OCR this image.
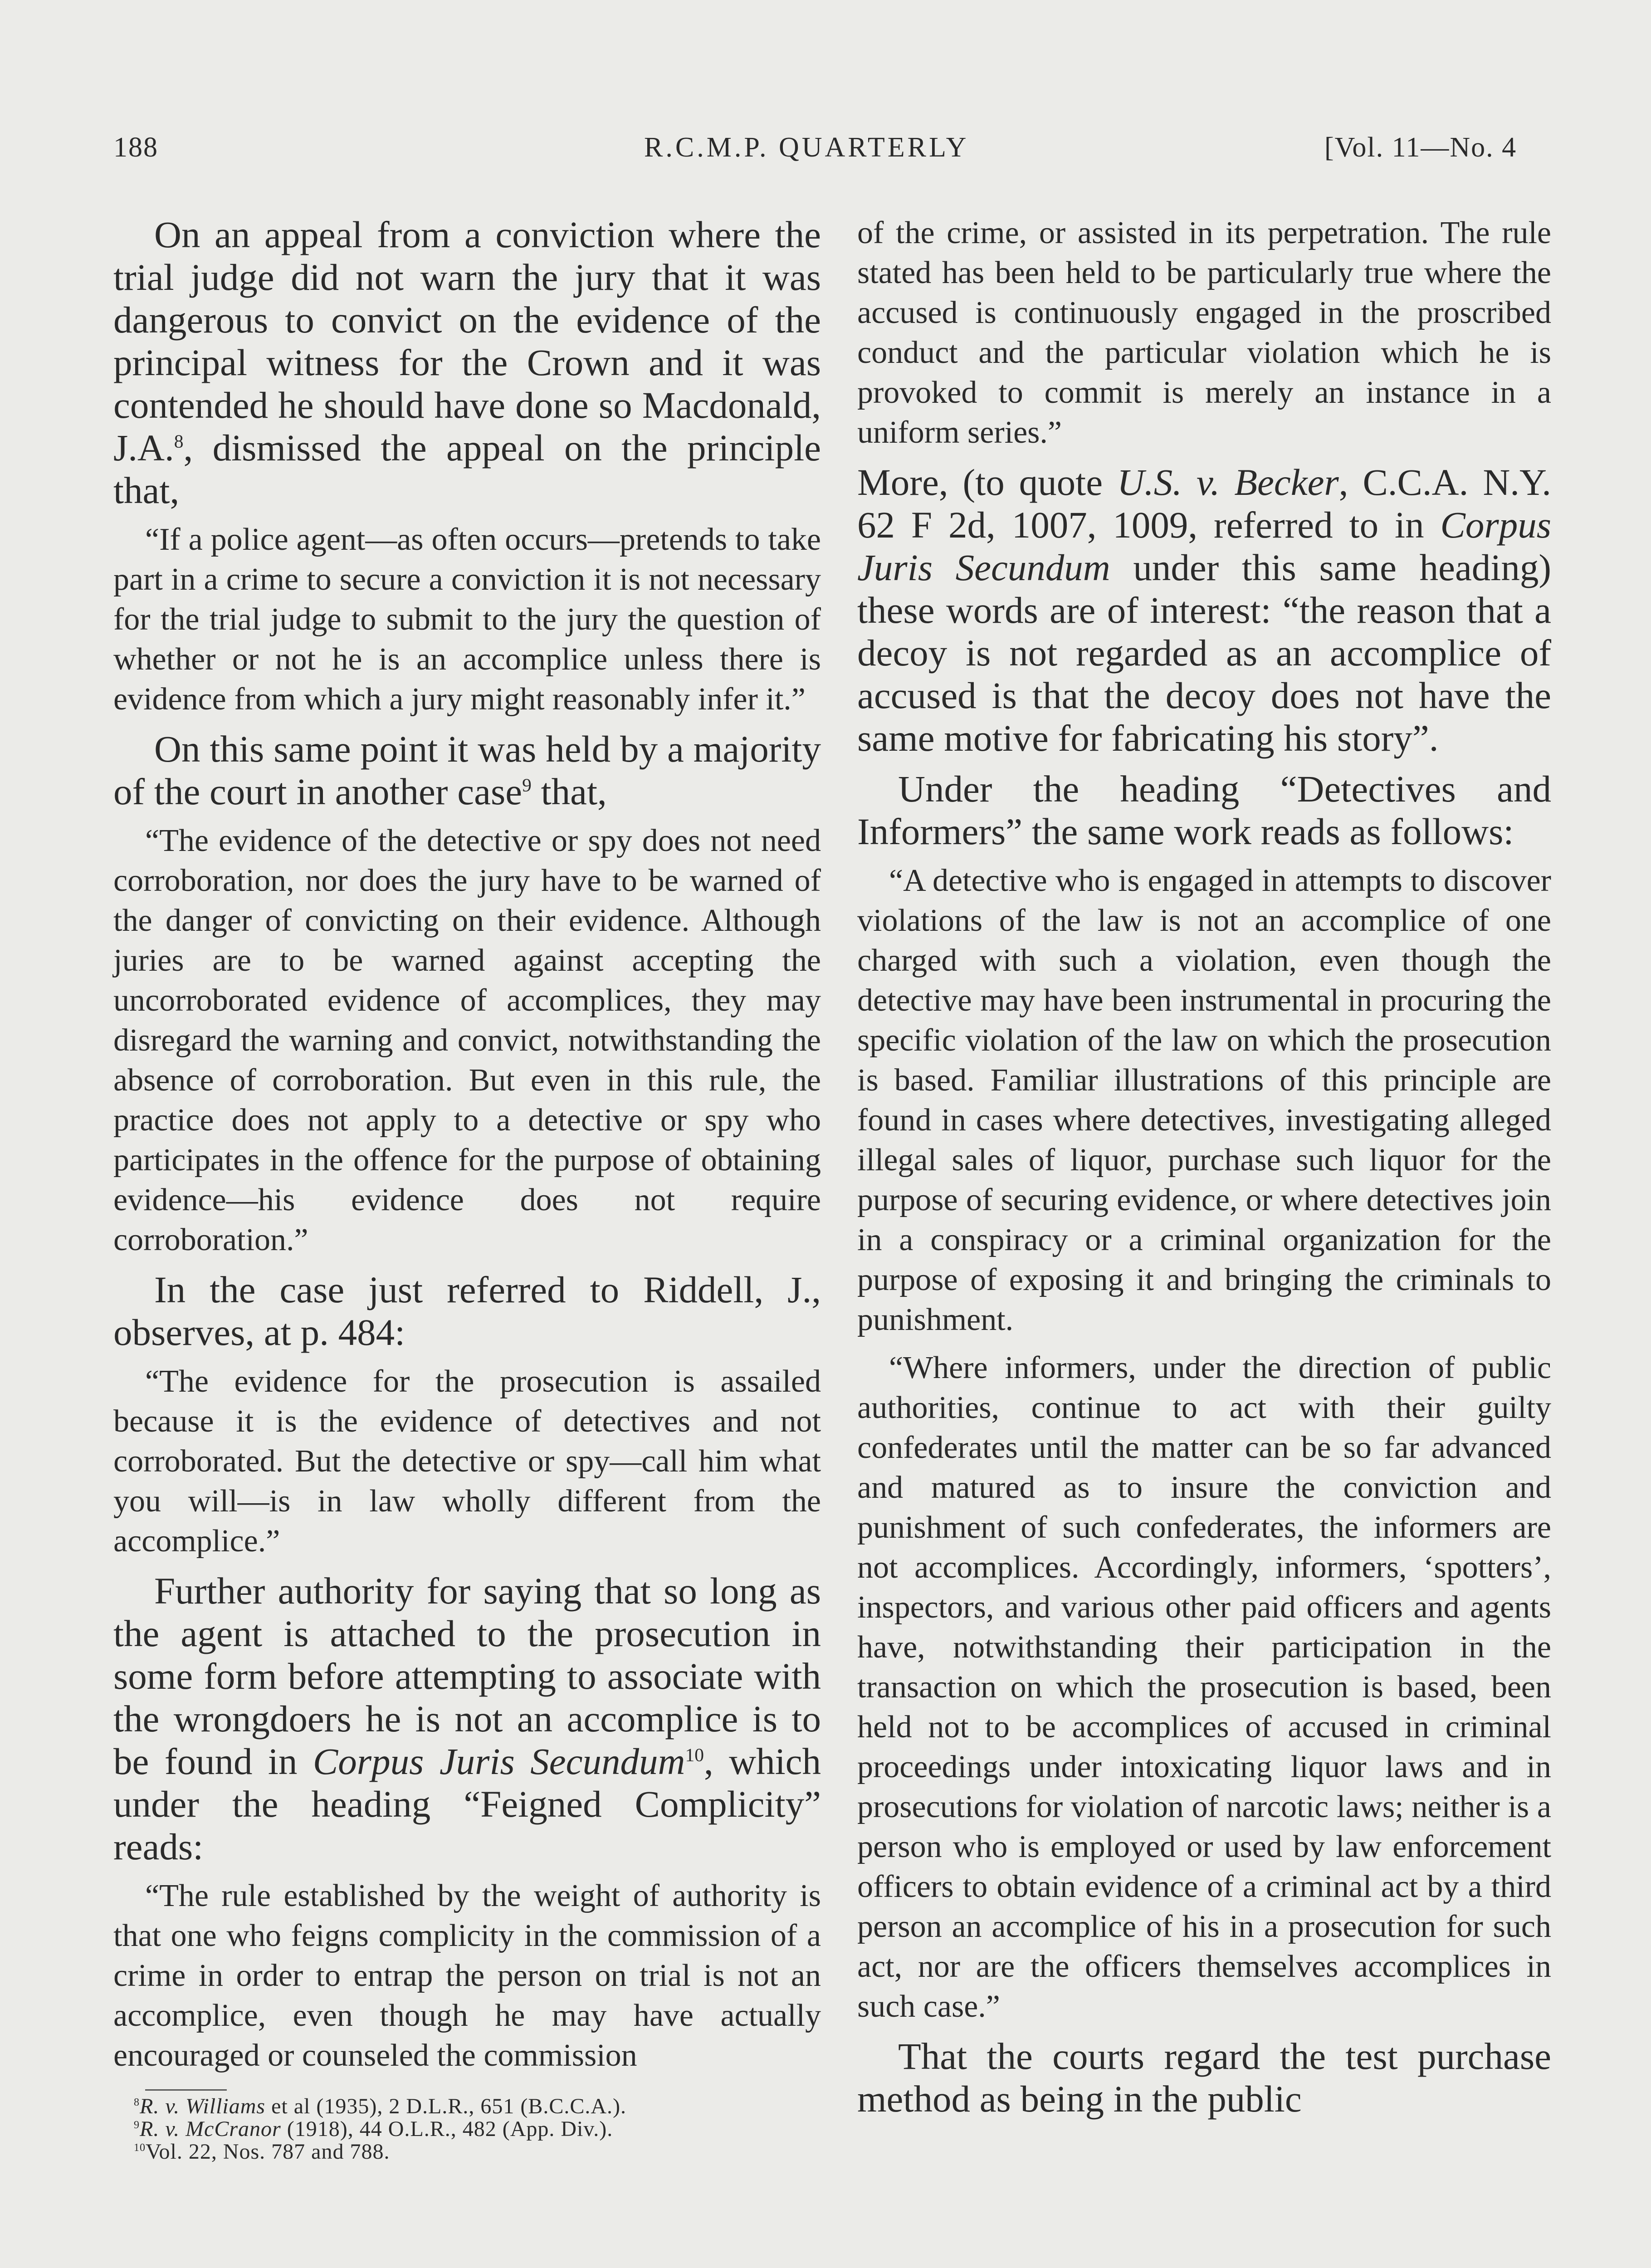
188	R.C.M.P. QUARTERLY	[Vol. 11—No. 4

On an appeal from a conviction where the trial judge did not warn the jury that it was dangerous to convict on the evidence of the principal witness for the Crown and it was contended he should have done so Macdonald, J.A.$^8$, dismissed the appeal on the principle that,

“If a police agent—as often occurs—pretends to take part in a crime to secure a conviction it is not necessary for the trial judge to submit to the jury the question of whether or not he is an accomplice unless there is evidence from which a jury might reasonably infer it.”

On this same point it was held by a majority of the court in another case$^9$ that,

“The evidence of the detective or spy does not need corroboration, nor does the jury have to be warned of the danger of convicting on their evidence. Although juries are to be warned against accepting the uncorroborated evidence of accomplices, they may disregard the warning and convict, notwithstanding the absence of corroboration. But even in this rule, the practice does not apply to a detective or spy who participates in the offence for the purpose of obtaining evidence—his evidence does not require corroboration.”

In the case just referred to Riddell, J., observes, at p. 484:

“The evidence for the prosecution is assailed because it is the evidence of detectives and not corroborated. But the detective or spy—call him what you will—is in law wholly different from the accomplice.”

Further authority for saying that so long as the agent is attached to the prosecution in some form before attempting to associate with the wrongdoers he is not an accomplice is to be found in Corpus Juris Secundum$^{10}$, which under the heading “Feigned Complicity” reads:

“The rule established by the weight of authority is that one who feigns complicity in the commission of a crime in order to entrap the person on trial is not an accomplice, even though he may have actually encouraged or counseled the commission

$^8$R. v. Williams et al (1935), 2 D.L.R., 651 (B.C.C.A.).

$^9$R. v. McCranor (1918), 44 O.L.R., 482 (App. Div.).

$^{10}$Vol. 22, Nos. 787 and 788.

of the crime, or assisted in its perpetration. The rule stated has been held to be particularly true where the accused is continuously engaged in the proscribed conduct and the particular violation which he is provoked to commit is merely an instance in a uniform series.”

More, (to quote U.S. v. Becker, C.C.A. N.Y. 62 F 2d, 1007, 1009, referred to in Corpus Juris Secundum under this same heading) these words are of interest: “the reason that a decoy is not regarded as an accomplice of accused is that the decoy does not have the same motive for fabricating his story”.

Under the heading “Detectives and Informers” the same work reads as follows:

“A detective who is engaged in attempts to discover violations of the law is not an accomplice of one charged with such a violation, even though the detective may have been instrumental in procuring the specific violation of the law on which the prosecution is based. Familiar illustrations of this principle are found in cases where detectives, investigating alleged illegal sales of liquor, purchase such liquor for the purpose of securing evidence, or where detectives join in a conspiracy or a criminal organization for the purpose of exposing it and bringing the criminals to punishment.

“Where informers, under the direction of public authorities, continue to act with their guilty confederates until the matter can be so far advanced and matured as to insure the conviction and punishment of such confederates, the informers are not accomplices. Accordingly, informers, ‘spotters’, inspectors, and various other paid officers and agents have, notwithstanding their participation in the transaction on which the prosecution is based, been held not to be accomplices of accused in criminal proceedings under intoxicating liquor laws and in prosecutions for violation of narcotic laws; neither is a person who is employed or used by law enforcement officers to obtain evidence of a criminal act by a third person an accomplice of his in a prosecution for such act, nor are the officers themselves accomplices in such case.”

That the courts regard the test purchase method as being in the public
